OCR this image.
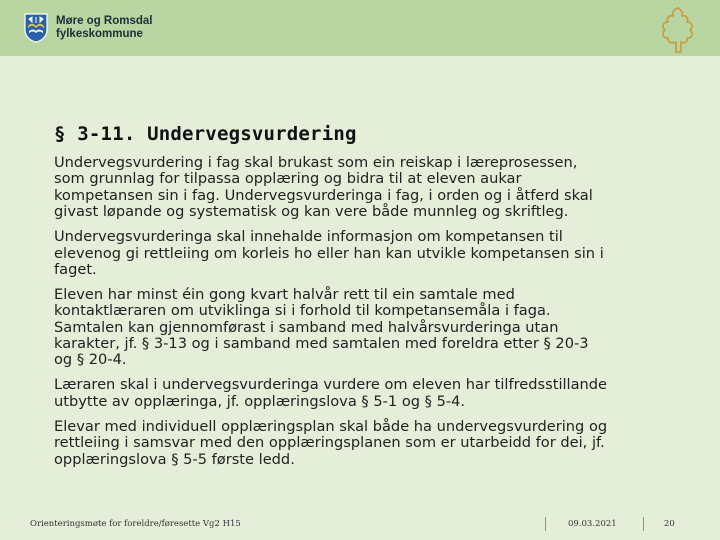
Møre og Romsdal
fylkeskommune
§ 3-11. Undervegsvurdering

Undervegsvurdering i fag skal brukast som ein reiskap i læreprosessen,
som grunnlag for tilpassa opplæring og bidra til at eleven aukar
kompetansen sin i fag. Undervegsvurderinga i fag, i orden og i åtferd skal
givast løpande og systematisk og kan vere både munnleg og skriftleg.

Undervegsvurderinga skal innehalde informasjon om kompetansen til
elevenog gi rettleiing om korleis ho eller han kan utvikle kompetansen sin i
faget.

Eleven har minst éin gong kvart halvår rett til ein samtale med
kontaktlæraren om utviklinga si i forhold til kompetansemåla i faga.
Samtalen kan gjennomførast i samband med halvårsvurderinga utan
karakter, jf. § 3-13 og i samband med samtalen med foreldra etter § 20-3
og § 20-4.

Læraren skal i undervegsvurderinga vurdere om eleven har tilfredsstillande
utbytte av opplæringa, jf. opplæringslova § 5-1 og § 5-4.

Elevar med individuell opplæringsplan skal både ha undervegsvurdering og
rettleiing i samsvar med den opplæringsplanen som er utarbeidd for dei, jf.
opplæringslova § 5-5 første ledd.

Orienteringsmøte for foreldre/føresette Vg2 H15	09.03.2021	20
